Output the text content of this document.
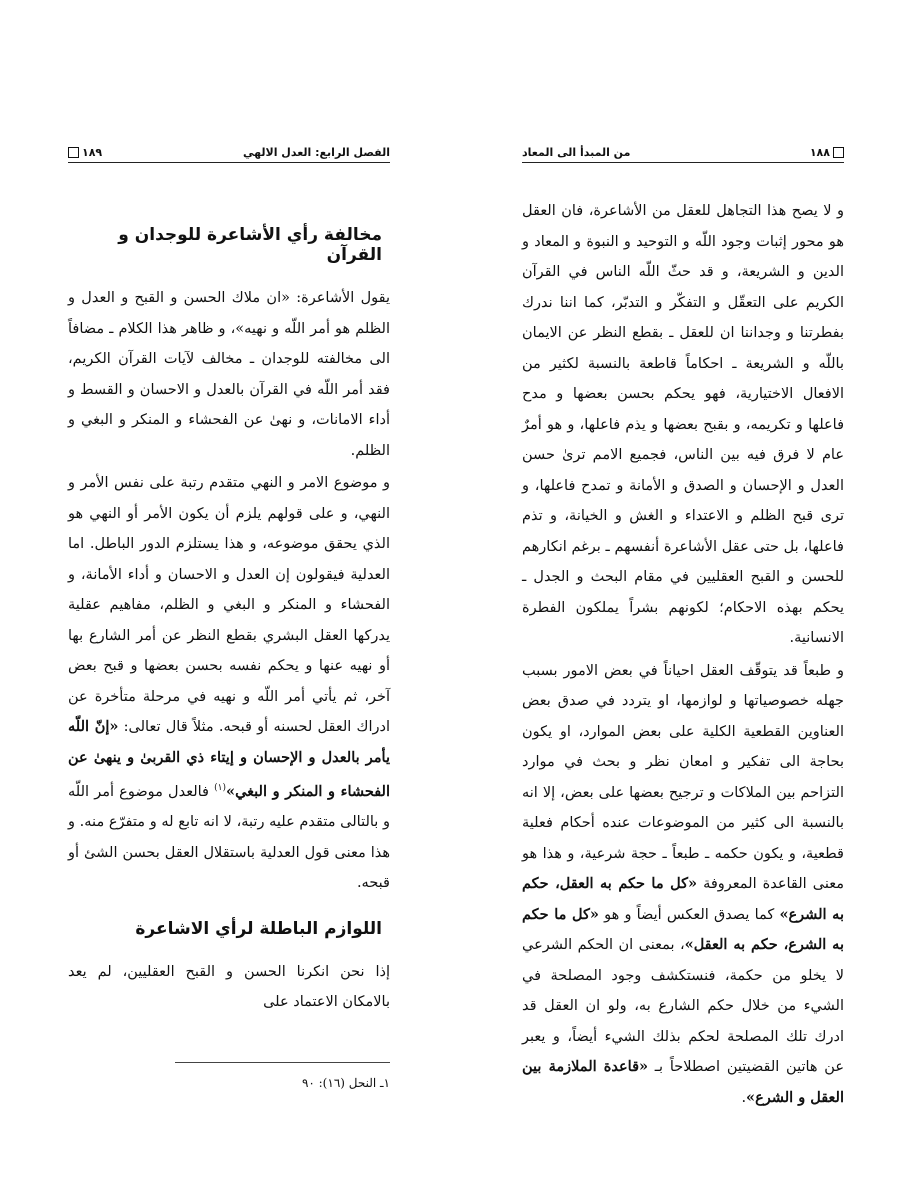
الفصل الرابع: العدل الالهي
١٨٩
مخالفة رأي الأشاعرة للوجدان و القرآن

يقول الأشاعرة: «ان ملاك الحسن و القبح و العدل و الظلم هو أمر اللّه و نهيه»، و ظاهر هذا الكلام ـ مضافاً الى مخالفته للوجدان ـ مخالف لآيات القرآن الكريم، فقد أمر اللّه في القرآن بالعدل و الاحسان و القسط و أداء الامانات، و نهىٰ عن الفحشاء و المنكر و البغي و الظلم.

و موضوع الامر و النهي متقدم رتبة على نفس الأمر و النهي، و على قولهم يلزم أن يكون الأمر أو النهي هو الذي يحقق موضوعه، و هذا يستلزم الدور الباطل. اما العدلية فيقولون إن العدل و الاحسان و أداء الأمانة، و الفحشاء و المنكر و البغي و الظلم، مفاهيم عقلية يدركها العقل البشري بقطع النظر عن أمر الشارع بها أو نهيه عنها و يحكم نفسه بحسن بعضها و قبح بعض آخر، ثم يأتي أمر اللّه و نهيه في مرحلة متأخرة عن ادراك العقل لحسنه أو قبحه. مثلاً قال تعالى: «إنّ اللّه يأمر بالعدل و الإحسان و إيتاء ذي القربىٰ و ينهىٰ عن الفحشاء و المنكر و البغي»$^{(١)}$ فالعدل موضوع أمر اللّه و بالتالى متقدم عليه رتبة، لا انه تابع له و متفرّع منه. و هذا معنى قول العدلية باستقلال العقل بحسن الشئ أو قبحه.

اللوازم الباطلة لرأي الاشاعرة

إذا نحن انكرنا الحسن و القبح العقليين، لم يعد بالامكان الاعتماد على

١ـ النحل (١٦): ٩٠
١٨٨
من المبدأ الى المعاد

و لا يصح هذا التجاهل للعقل من الأشاعرة، فان العقل هو محور إثبات وجود اللّه و التوحيد و النبوة و المعاد و الدين و الشريعة، و قد حثّ اللّه الناس في القرآن الكريم على التعقّل و التفكّر و التدبّر، كما اننا ندرك بفطرتنا و وجداننا ان للعقل ـ بقطع النظر عن الايمان باللّه و الشريعة ـ احكاماً قاطعة بالنسبة لكثير من الافعال الاختيارية، فهو يحكم بحسن بعضها و مدح فاعلها و تكريمه، و بقبح بعضها و يذم فاعلها، و هو أمرٌ عام لا فرق فيه بين الناس، فجميع الامم ترىٰ حسن العدل و الإحسان و الصدق و الأمانة و تمدح فاعلها، و ترى قبح الظلم و الاعتداء و الغش و الخيانة، و تذم فاعلها، بل حتى عقل الأشاعرة أنفسهم ـ برغم انكارهم للحسن و القبح العقليين في مقام البحث و الجدل ـ يحكم بهذه الاحكام؛ لكونهم بشراً يملكون الفطرة الانسانية.

و طبعاً قد يتوقّف العقل احياناً في بعض الامور بسبب جهله خصوصياتها و لوازمها، او يتردد في صدق بعض العناوين القطعية الكلية على بعض الموارد، او يكون بحاجة الى تفكير و امعان نظر و بحث في موارد التزاحم بين الملاكات و ترجيح بعضها على بعض، إلا انه بالنسبة الى كثير من الموضوعات عنده أحكام فعلية قطعية، و يكون حكمه ـ طبعاً ـ حجة شرعية، و هذا هو معنى القاعدة المعروفة «كل ما حكم به العقل، حكم به الشرع» كما يصدق العكس أيضاً و هو «كل ما حكم به الشرع، حكم به العقل»، بمعنى ان الحكم الشرعي لا يخلو من حكمة، فنستكشف وجود المصلحة في الشيء من خلال حكم الشارع به، ولو ان العقل قد ادرك تلك المصلحة لحكم بذلك الشيء أيضاً، و يعبر عن هاتين القضيتين اصطلاحاً بـ «قاعدة الملازمة بين العقل و الشرع».
